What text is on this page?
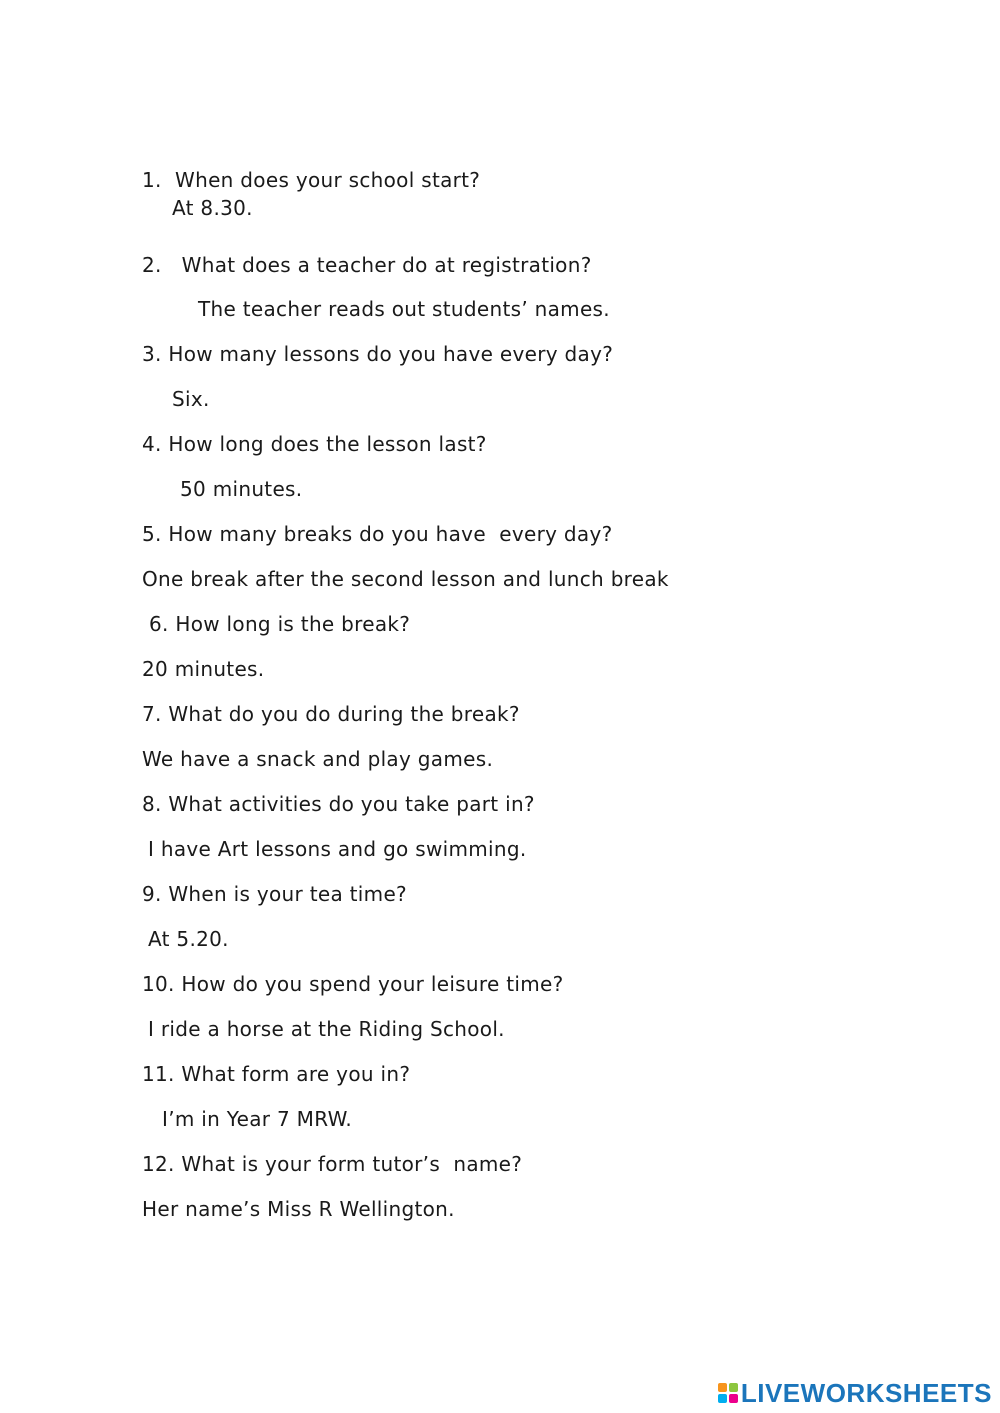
1. When does your school start?
At 8.30.
2. What does a teacher do at registration?
The teacher reads out students’ names.
3. How many lessons do you have every day?
Six.
4. How long does the lesson last?
50 minutes.
5. How many breaks do you have  every day?
One break after the second lesson and lunch break
6. How long is the break?
20 minutes.
7. What do you do during the break?
We have a snack and play games.
8. What activities do you take part in?
I have Art lessons and go swimming.
9. When is your tea time?
At 5.20.
10. How do you spend your leisure time?
I ride a horse at the Riding School.
11. What form are you in?
I’m in Year 7 MRW.
12. What is your form tutor’s  name?
Her name’s Miss R Wellington.
LIVEWORKSHEETS
